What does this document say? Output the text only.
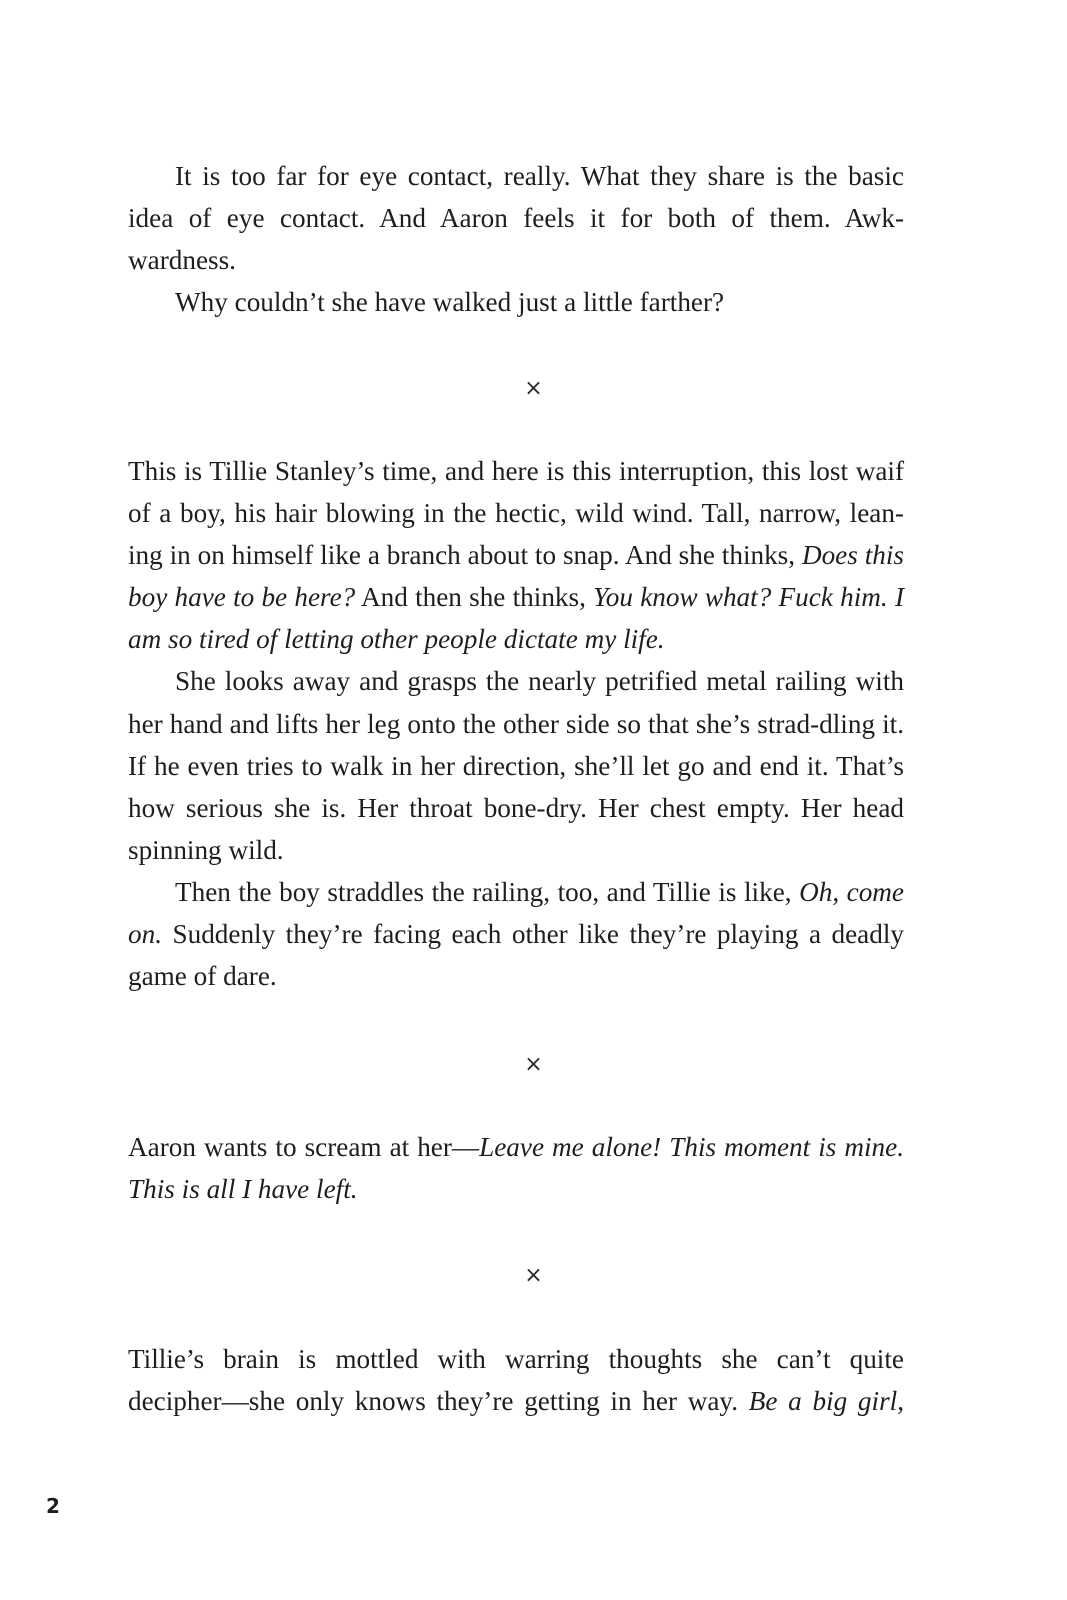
It is too far for eye contact, really. What they share is the basic idea of eye contact. And Aaron feels it for both of them. Awk-wardness.

Why couldn’t she have walked just a little farther?

×

This is Tillie Stanley’s time, and here is this interruption, this lost waif of a boy, his hair blowing in the hectic, wild wind. Tall, narrow, lean-ing in on himself like a branch about to snap. And she thinks, Does this boy have to be here? And then she thinks, You know what? Fuck him. I am so tired of letting other people dictate my life.

She looks away and grasps the nearly petrified metal railing with her hand and lifts her leg onto the other side so that she’s strad-dling it. If he even tries to walk in her direction, she’ll let go and end it. That’s how serious she is. Her throat bone-dry. Her chest empty. Her head spinning wild.

Then the boy straddles the railing, too, and Tillie is like, Oh, come on. Suddenly they’re facing each other like they’re playing a deadly game of dare.

×

Aaron wants to scream at her—Leave me alone! This moment is mine. This is all I have left.

×

Tillie’s brain is mottled with warring thoughts she can’t quite

decipher—she only knows they’re getting in her way. Be a big girl,

2
